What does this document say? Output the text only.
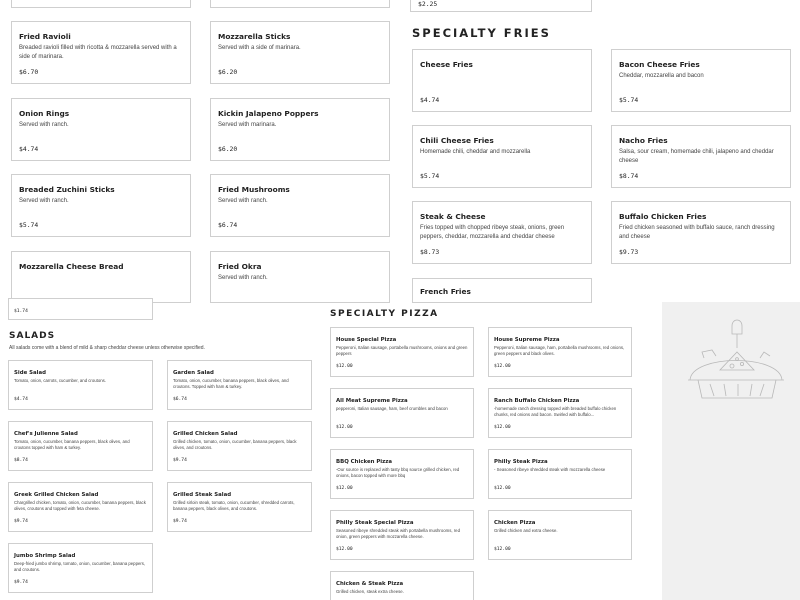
$2.25
Fried Ravioli
Breaded ravioli filled with ricotta & mozzarella served with a side of marinara.
$6.70
Mozzarella Sticks
Served with a side of marinara.
$6.20
Onion Rings
Served with ranch.
$4.74
Kickin Jalapeno Poppers
Served with marinara.
$6.20
Breaded Zuchini Sticks
Served with ranch.
$5.74
Fried Mushrooms
Served with ranch.
$6.74
Mozzarella Cheese Bread	Fried Okra
Served with ranch.
SPECIALTY FRIES
Cheese Fries
$4.74
Bacon Cheese Fries
Cheddar, mozzarella and bacon
$5.74
Chili Cheese Fries
Homemade chili, cheddar and mozzarella
$5.74
Nacho Fries
Salsa, sour cream, homemade chili, jalapeno and cheddar cheese
$8.74
Steak & Cheese
Fries topped with chopped ribeye steak, onions, green peppers, cheddar, mozzarella and cheddar cheese
$8.73
Buffalo Chicken Fries
Fried chicken seasoned with buffalo sauce, ranch dressing and cheese
$9.73
French Fries
$1.74
SALADS
All salads come with a blend of mild & sharp cheddar cheese unless otherwise specified.
Side Salad
Tomato, onion, carrots, cucumber, and croutons.
$4.74
Garden Salad
Tomato, onion, cucumber, banana peppers, black olives, and croutons. Topped with ham & turkey.
$6.74
Chef's Julienne Salad
Tomato, onion, cucumber, banana peppers, black olives, and croutons topped with ham & turkey.
$8.74
Grilled Chicken Salad
Grilled chicken, tomato, onion, cucumber, banana peppers, black olives, and croutons.
$9.74
Greek Grilled Chicken Salad
Chargrilled chicken, tomato, onion, cucumber, banana peppers, black olives, croutons and topped with feta cheese.
$9.74
Grilled Steak Salad
Grilled sirloin steak, tomato, onion, cucumber, shredded carrots, banana peppers, black olives, and croutons.
$9.74
Jumbo Shrimp Salad
Deep-fried jumbo shrimp, tomato, onion, cucumber, banana peppers, and croutons.
$9.74
SPECIALTY PIZZA
House Special Pizza
Pepperoni, Italian sausage, portabella mushrooms, onions and green peppers
$12.00
House Supreme Pizza
Pepperoni, Italian sausage, ham, portabella mushrooms, red onions, green peppers and black olives.
$12.00
All Meat Supreme Pizza
pepperoni, Italian sausage, ham, beef crumbles and bacon
$12.00
Ranch Buffalo Chicken Pizza
-homemade ranch dressing topped with breaded buffalo chicken chunks, red onions and bacon. Swirled with buffalo...
$12.00
BBQ Chicken Pizza
-Our source is replaced with tasty bbq source grilled chicken, red onions, bacon topped with more bbq
$12.00
Philly Steak Pizza
- Seasoned ribeye shredded steak with mozzarella cheese
$12.00
Philly Steak Special Pizza
Seasoned ribeye shredded steak with portabella mushrooms, red onion, green peppers with mozzarella cheese.
$12.00
Chicken Pizza
Grilled chicken and extra cheese.
$12.00
Chicken & Steak Pizza
Grilled chicken, steak extra cheese.
